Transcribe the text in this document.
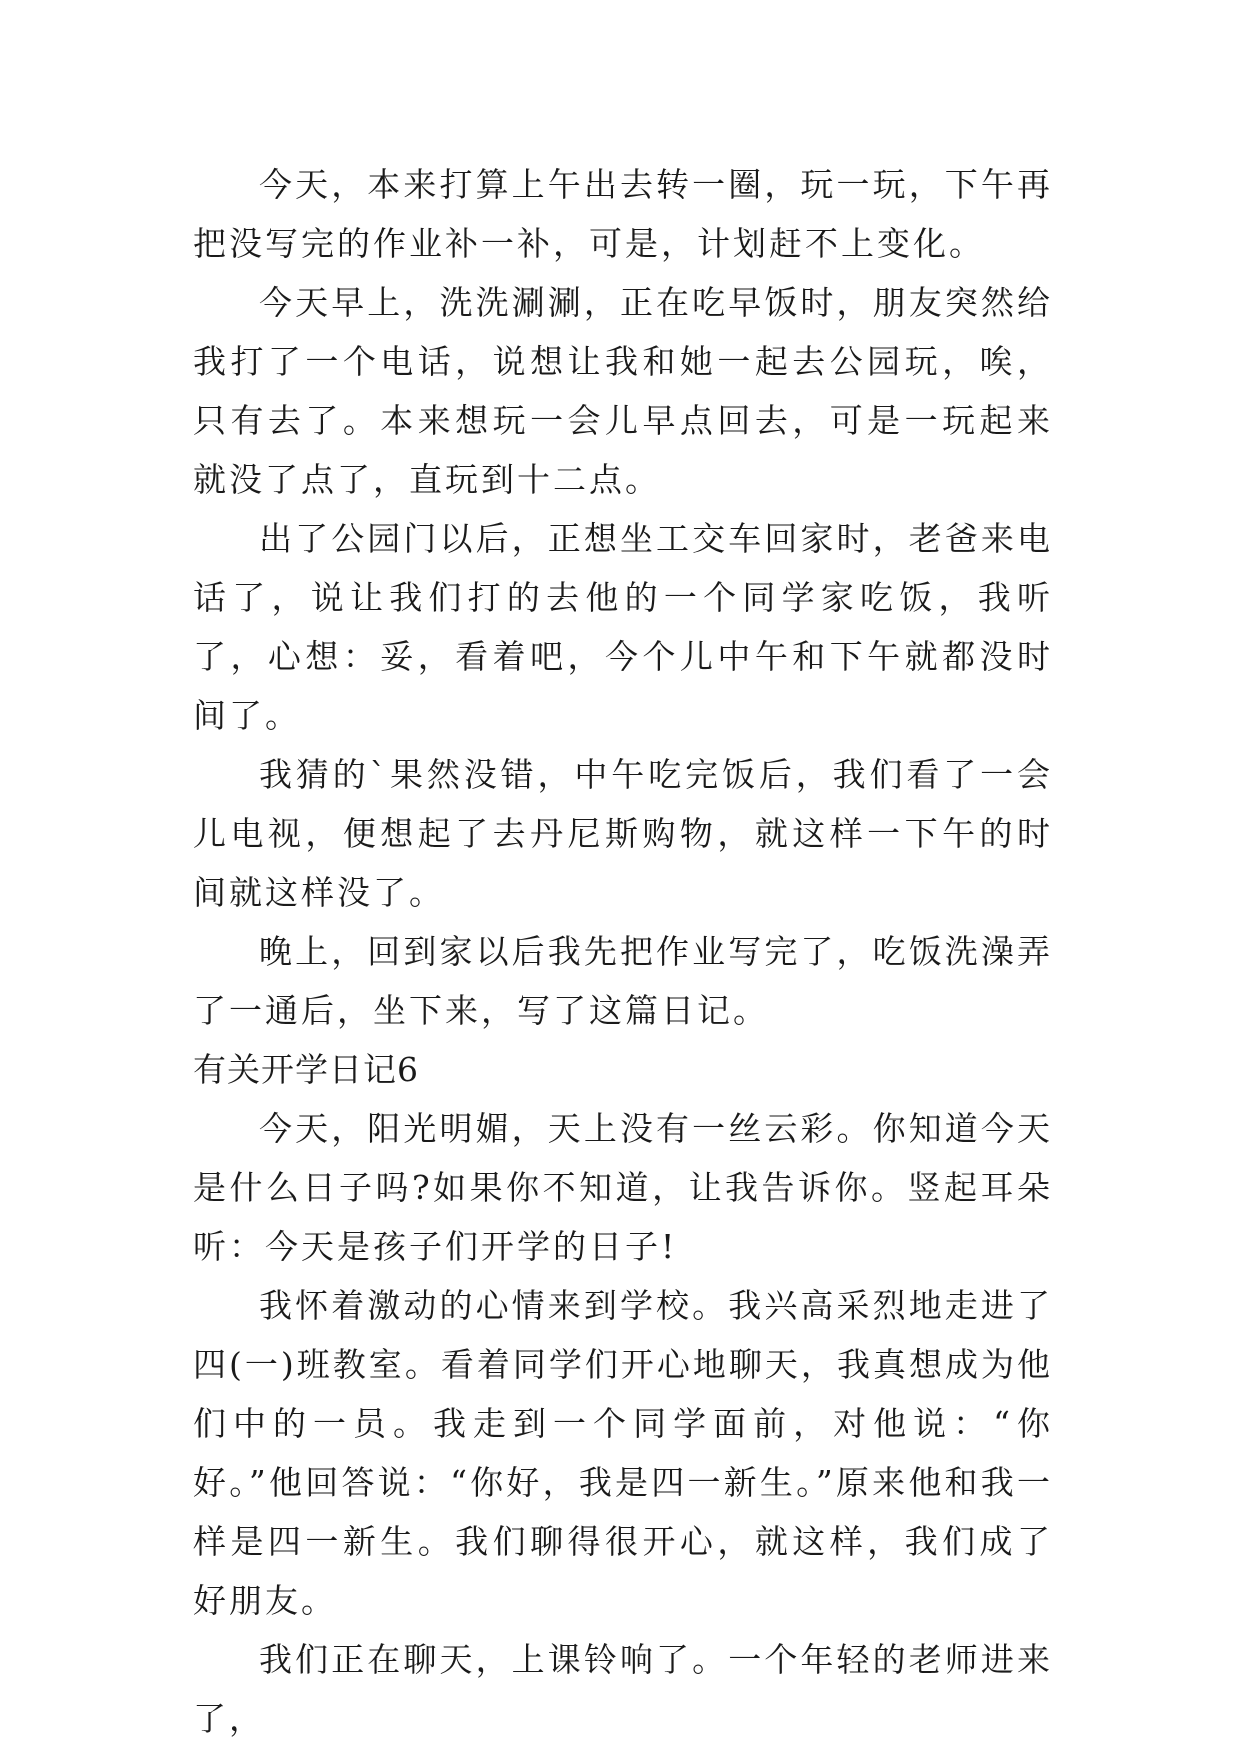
今天，本来打算上午出去转一圈，玩一玩，下午再把没写完的作业补一补，可是，计划赶不上变化。

今天早上，洗洗涮涮，正在吃早饭时，朋友突然给我打了一个电话，说想让我和她一起去公园玩，唉，只有去了。本来想玩一会儿早点回去，可是一玩起来就没了点了，直玩到十二点。

出了公园门以后，正想坐工交车回家时，老爸来电话了，说让我们打的去他的一个同学家吃饭，我听了，心想：妥，看着吧，今个儿中午和下午就都没时间了。

我猜的`果然没错，中午吃完饭后，我们看了一会儿电视，便想起了去丹尼斯购物，就这样一下午的时间就这样没了。

晚上，回到家以后我先把作业写完了，吃饭洗澡弄了一通后，坐下来，写了这篇日记。

有关开学日记6

今天，阳光明媚，天上没有一丝云彩。你知道今天是什么日子吗?如果你不知道，让我告诉你。竖起耳朵听：今天是孩子们开学的日子!

我怀着激动的心情来到学校。我兴高采烈地走进了四(一)班教室。看着同学们开心地聊天，我真想成为他们中的一员。我走到一个同学面前，对他说：“你好。”他回答说：“你好，我是四一新生。”原来他和我一样是四一新生。我们聊得很开心，就这样，我们成了好朋友。

我们正在聊天，上课铃响了。一个年轻的老师进来了，
